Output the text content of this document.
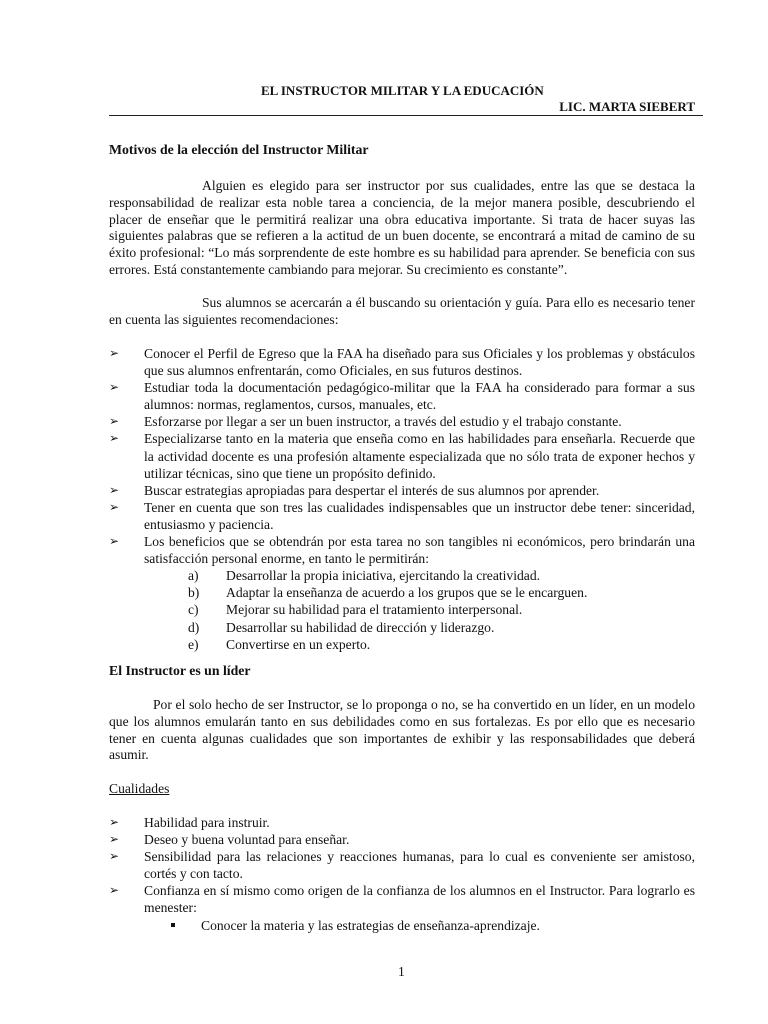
EL INSTRUCTOR MILITAR Y LA EDUCACIÓN
LIC. MARTA SIEBERT
Motivos de la elección del Instructor Militar

Alguien es elegido para ser instructor por sus cualidades, entre las que se destaca la responsabilidad de realizar esta noble tarea a conciencia, de la mejor manera posible, descubriendo el placer de enseñar que le permitirá realizar una obra educativa importante. Si trata de hacer suyas las siguientes palabras que se refieren a la actitud de un buen docente, se encontrará a mitad de camino de su éxito profesional: “Lo más sorprendente de este hombre es su habilidad para aprender. Se beneficia con sus errores. Está constantemente cambiando para mejorar. Su crecimiento es constante”.

Sus alumnos se acercarán a él buscando su orientación y guía. Para ello es necesario tener en cuenta las siguientes recomendaciones:

➢ Conocer el Perfil de Egreso que la FAA ha diseñado para sus Oficiales y los problemas y obstáculos que sus alumnos enfrentarán, como Oficiales, en sus futuros destinos.
➢ Estudiar toda la documentación pedagógico-militar que la FAA ha considerado para formar a sus alumnos: normas, reglamentos, cursos, manuales, etc.
➢ Esforzarse por llegar a ser un buen instructor, a través del estudio y el trabajo constante.
➢ Especializarse tanto en la materia que enseña como en las habilidades para enseñarla. Recuerde que la actividad docente es una profesión altamente especializada que no sólo trata de exponer hechos y utilizar técnicas, sino que tiene un propósito definido.
➢ Buscar estrategias apropiadas para despertar el interés de sus alumnos por aprender.
➢ Tener en cuenta que son tres las cualidades indispensables que un instructor debe tener: sinceridad, entusiasmo y paciencia.
➢ Los beneficios que se obtendrán por esta tarea no son tangibles ni económicos, pero brindarán una satisfacción personal enorme, en tanto le permitirán:
a) Desarrollar la propia iniciativa, ejercitando la creatividad.
b) Adaptar la enseñanza de acuerdo a los grupos que se le encarguen.
c) Mejorar su habilidad para el tratamiento interpersonal.
d) Desarrollar su habilidad de dirección y liderazgo.
e) Convertirse en un experto.
El Instructor es un líder

Por el solo hecho de ser Instructor, se lo proponga o no, se ha convertido en un líder, en un modelo que los alumnos emularán tanto en sus debilidades como en sus fortalezas. Es por ello que es necesario tener en cuenta algunas cualidades que son importantes de exhibir y las responsabilidades que deberá asumir.

Cualidades
➢ Habilidad para instruir.
➢ Deseo y buena voluntad para enseñar.
➢ Sensibilidad para las relaciones y reacciones humanas, para lo cual es conveniente ser amistoso, cortés y con tacto.
➢ Confianza en sí mismo como origen de la confianza de los alumnos en el Instructor. Para lograrlo es menester:
Conocer la materia y las estrategias de enseñanza-aprendizaje.
1
